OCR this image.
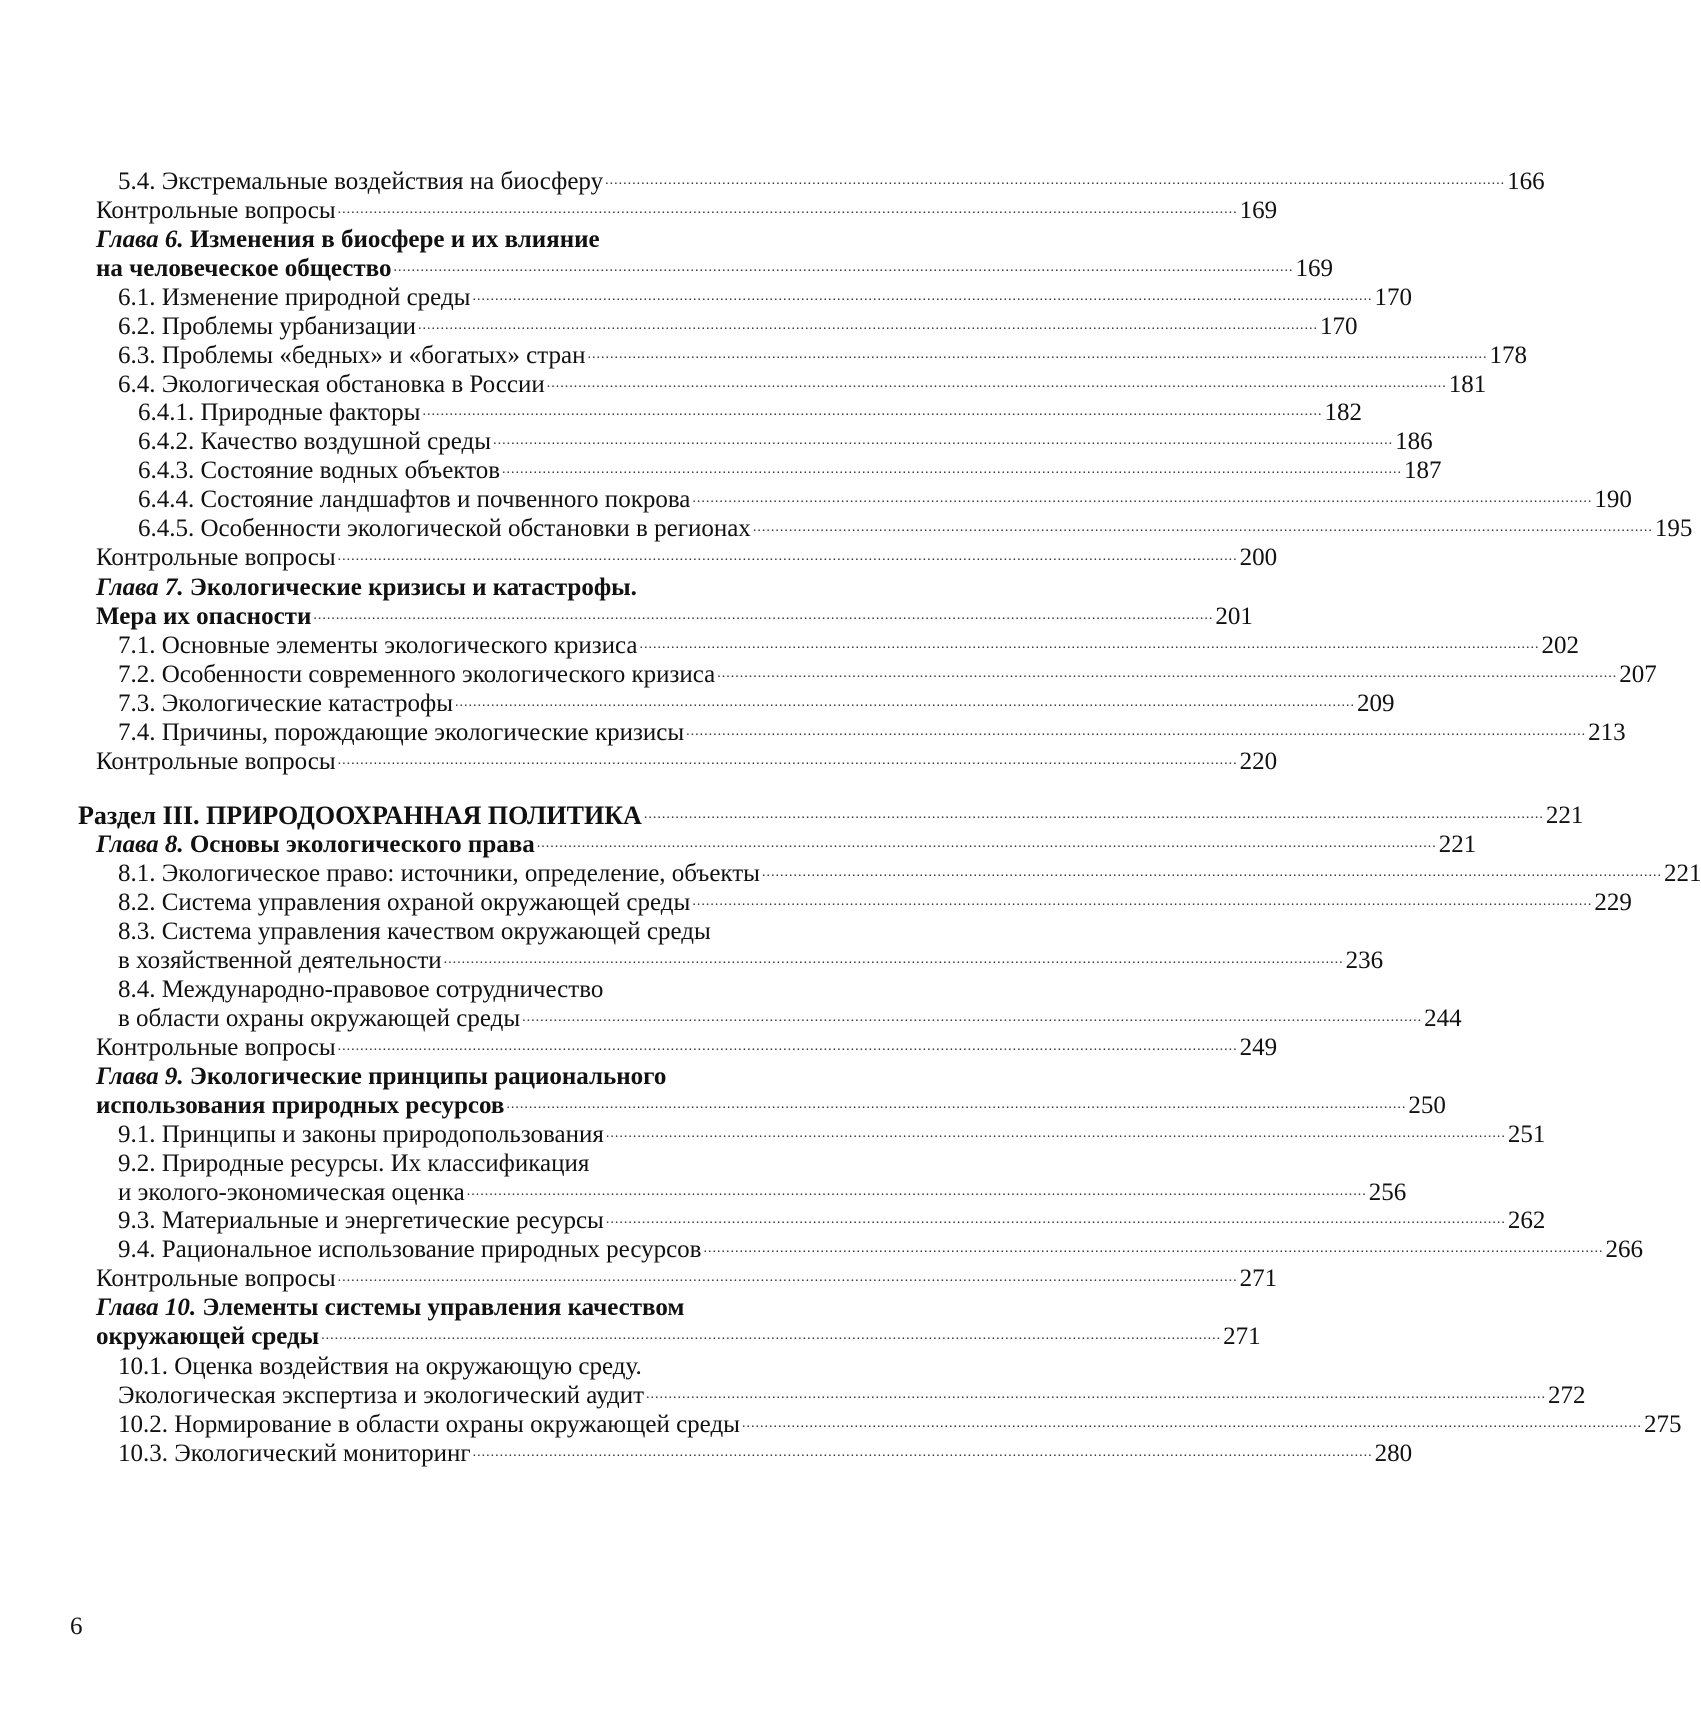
5.4. Экстремальные воздействия на биосферу ........................................................................................................................................................................................................ 166
Контрольные вопросы ........................................................................................................................................................................................................ 169
Глава 6. Изменения в биосфере и их влияние
на человеческое общество ........................................................................................................................................................................................................ 169
6.1. Изменение природной среды ........................................................................................................................................................................................................ 170
6.2. Проблемы урбанизации ........................................................................................................................................................................................................ 170
6.3. Проблемы «бедных» и «богатых» стран ........................................................................................................................................................................................................ 178
6.4. Экологическая обстановка в России ........................................................................................................................................................................................................ 181
6.4.1. Природные факторы ........................................................................................................................................................................................................ 182
6.4.2. Качество воздушной среды ........................................................................................................................................................................................................ 186
6.4.3. Состояние водных объектов ........................................................................................................................................................................................................ 187
6.4.4. Состояние ландшафтов и почвенного покрова ........................................................................................................................................................................................................ 190
6.4.5. Особенности экологической обстановки в регионах ........................................................................................................................................................................................................ 195
Контрольные вопросы ........................................................................................................................................................................................................ 200
Глава 7. Экологические кризисы и катастрофы.
Мера их опасности ........................................................................................................................................................................................................ 201
7.1. Основные элементы экологического кризиса ........................................................................................................................................................................................................ 202
7.2. Особенности современного экологического кризиса ........................................................................................................................................................................................................ 207
7.3. Экологические катастрофы ........................................................................................................................................................................................................ 209
7.4. Причины, порождающие экологические кризисы ........................................................................................................................................................................................................ 213
Контрольные вопросы ........................................................................................................................................................................................................ 220
Раздел III. ПРИРОДООХРАННАЯ ПОЛИТИКА ........................................................................................................................................................................................................ 221
Глава 8. Основы экологического права ........................................................................................................................................................................................................ 221
8.1. Экологическое право: источники, определение, объекты ........................................................................................................................................................................................................ 221
8.2. Система управления охраной окружающей среды ........................................................................................................................................................................................................ 229
8.3. Система управления качеством окружающей среды
в хозяйственной деятельности ........................................................................................................................................................................................................ 236
8.4. Международно-правовое сотрудничество
в области охраны окружающей среды ........................................................................................................................................................................................................ 244
Контрольные вопросы ........................................................................................................................................................................................................ 249
Глава 9. Экологические принципы рационального
использования природных ресурсов ........................................................................................................................................................................................................ 250
9.1. Принципы и законы природопользования ........................................................................................................................................................................................................ 251
9.2. Природные ресурсы. Их классификация
и эколого-экономическая оценка ........................................................................................................................................................................................................ 256
9.3. Материальные и энергетические ресурсы ........................................................................................................................................................................................................ 262
9.4. Рациональное использование природных ресурсов ........................................................................................................................................................................................................ 266
Контрольные вопросы ........................................................................................................................................................................................................ 271
Глава 10. Элементы системы управления качеством
окружающей среды ........................................................................................................................................................................................................ 271
10.1. Оценка воздействия на окружающую среду.
Экологическая экспертиза и экологический аудит ........................................................................................................................................................................................................ 272
10.2. Нормирование в области охраны окружающей среды ........................................................................................................................................................................................................ 275
10.3. Экологический мониторинг ........................................................................................................................................................................................................ 280
6
